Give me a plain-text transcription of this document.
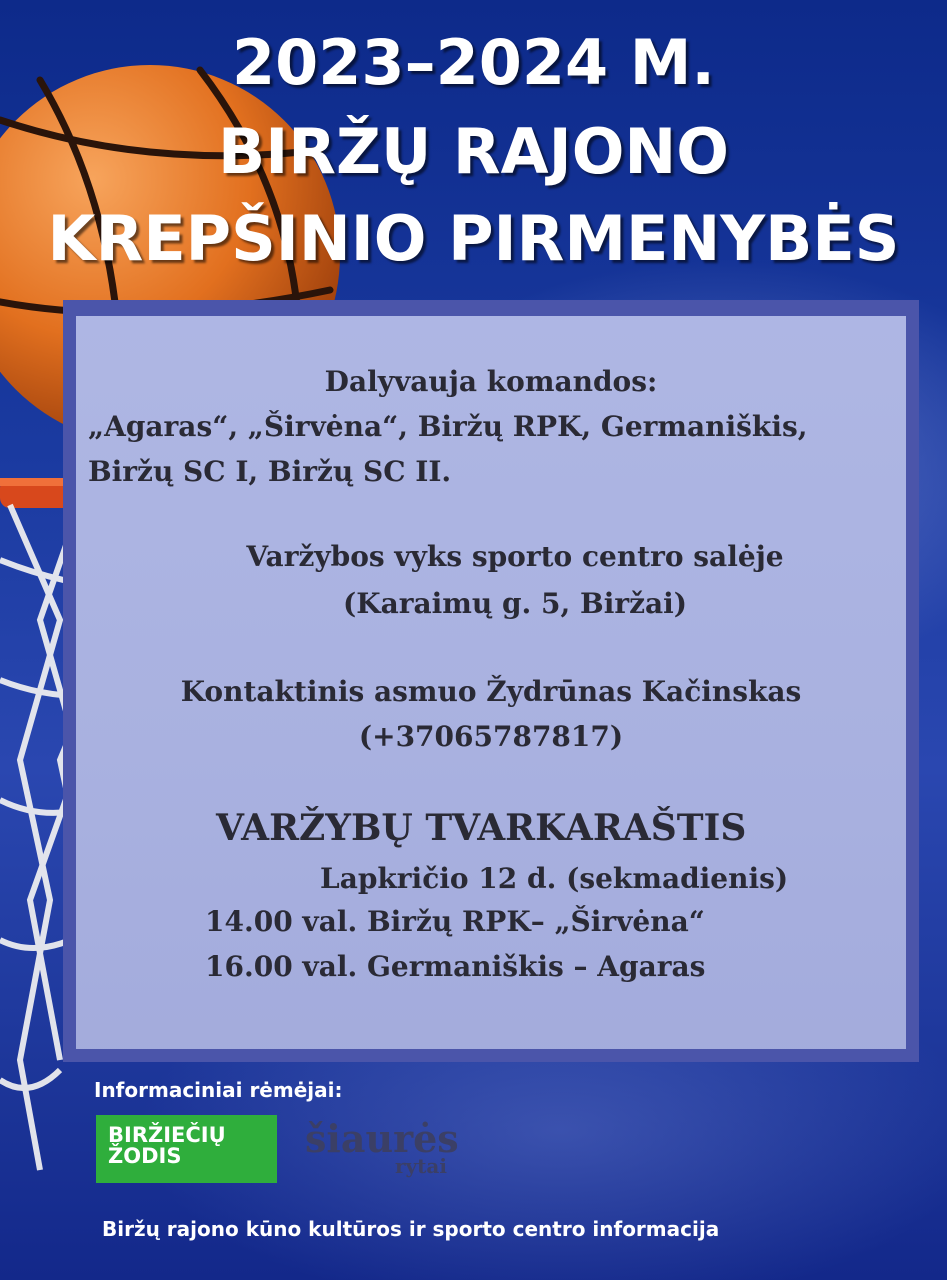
2023–2024 M.
BIRŽŲ RAJONO
KREPŠINIO PIRMENYBĖS
Dalyvauja komandos:
„Agaras“, „Širvėna“, Biržų RPK, Germaniškis,
Biržų SC I, Biržų SC II.
Varžybos vyks sporto centro salėje
(Karaimų g. 5, Biržai)
Kontaktinis asmuo Žydrūnas Kačinskas
(+37065787817)
VARŽYBŲ TVARKARAŠTIS
Lapkričio 12 d. (sekmadienis)
14.00 val. Biržų RPK– „Širvėna“
16.00 val. Germaniškis – Agaras
Informaciniai rėmėjai:
BIRŽIEČIŲ
ŽODIS	šiaurės
rytai
Biržų rajono kūno kultūros ir sporto centro informacija
